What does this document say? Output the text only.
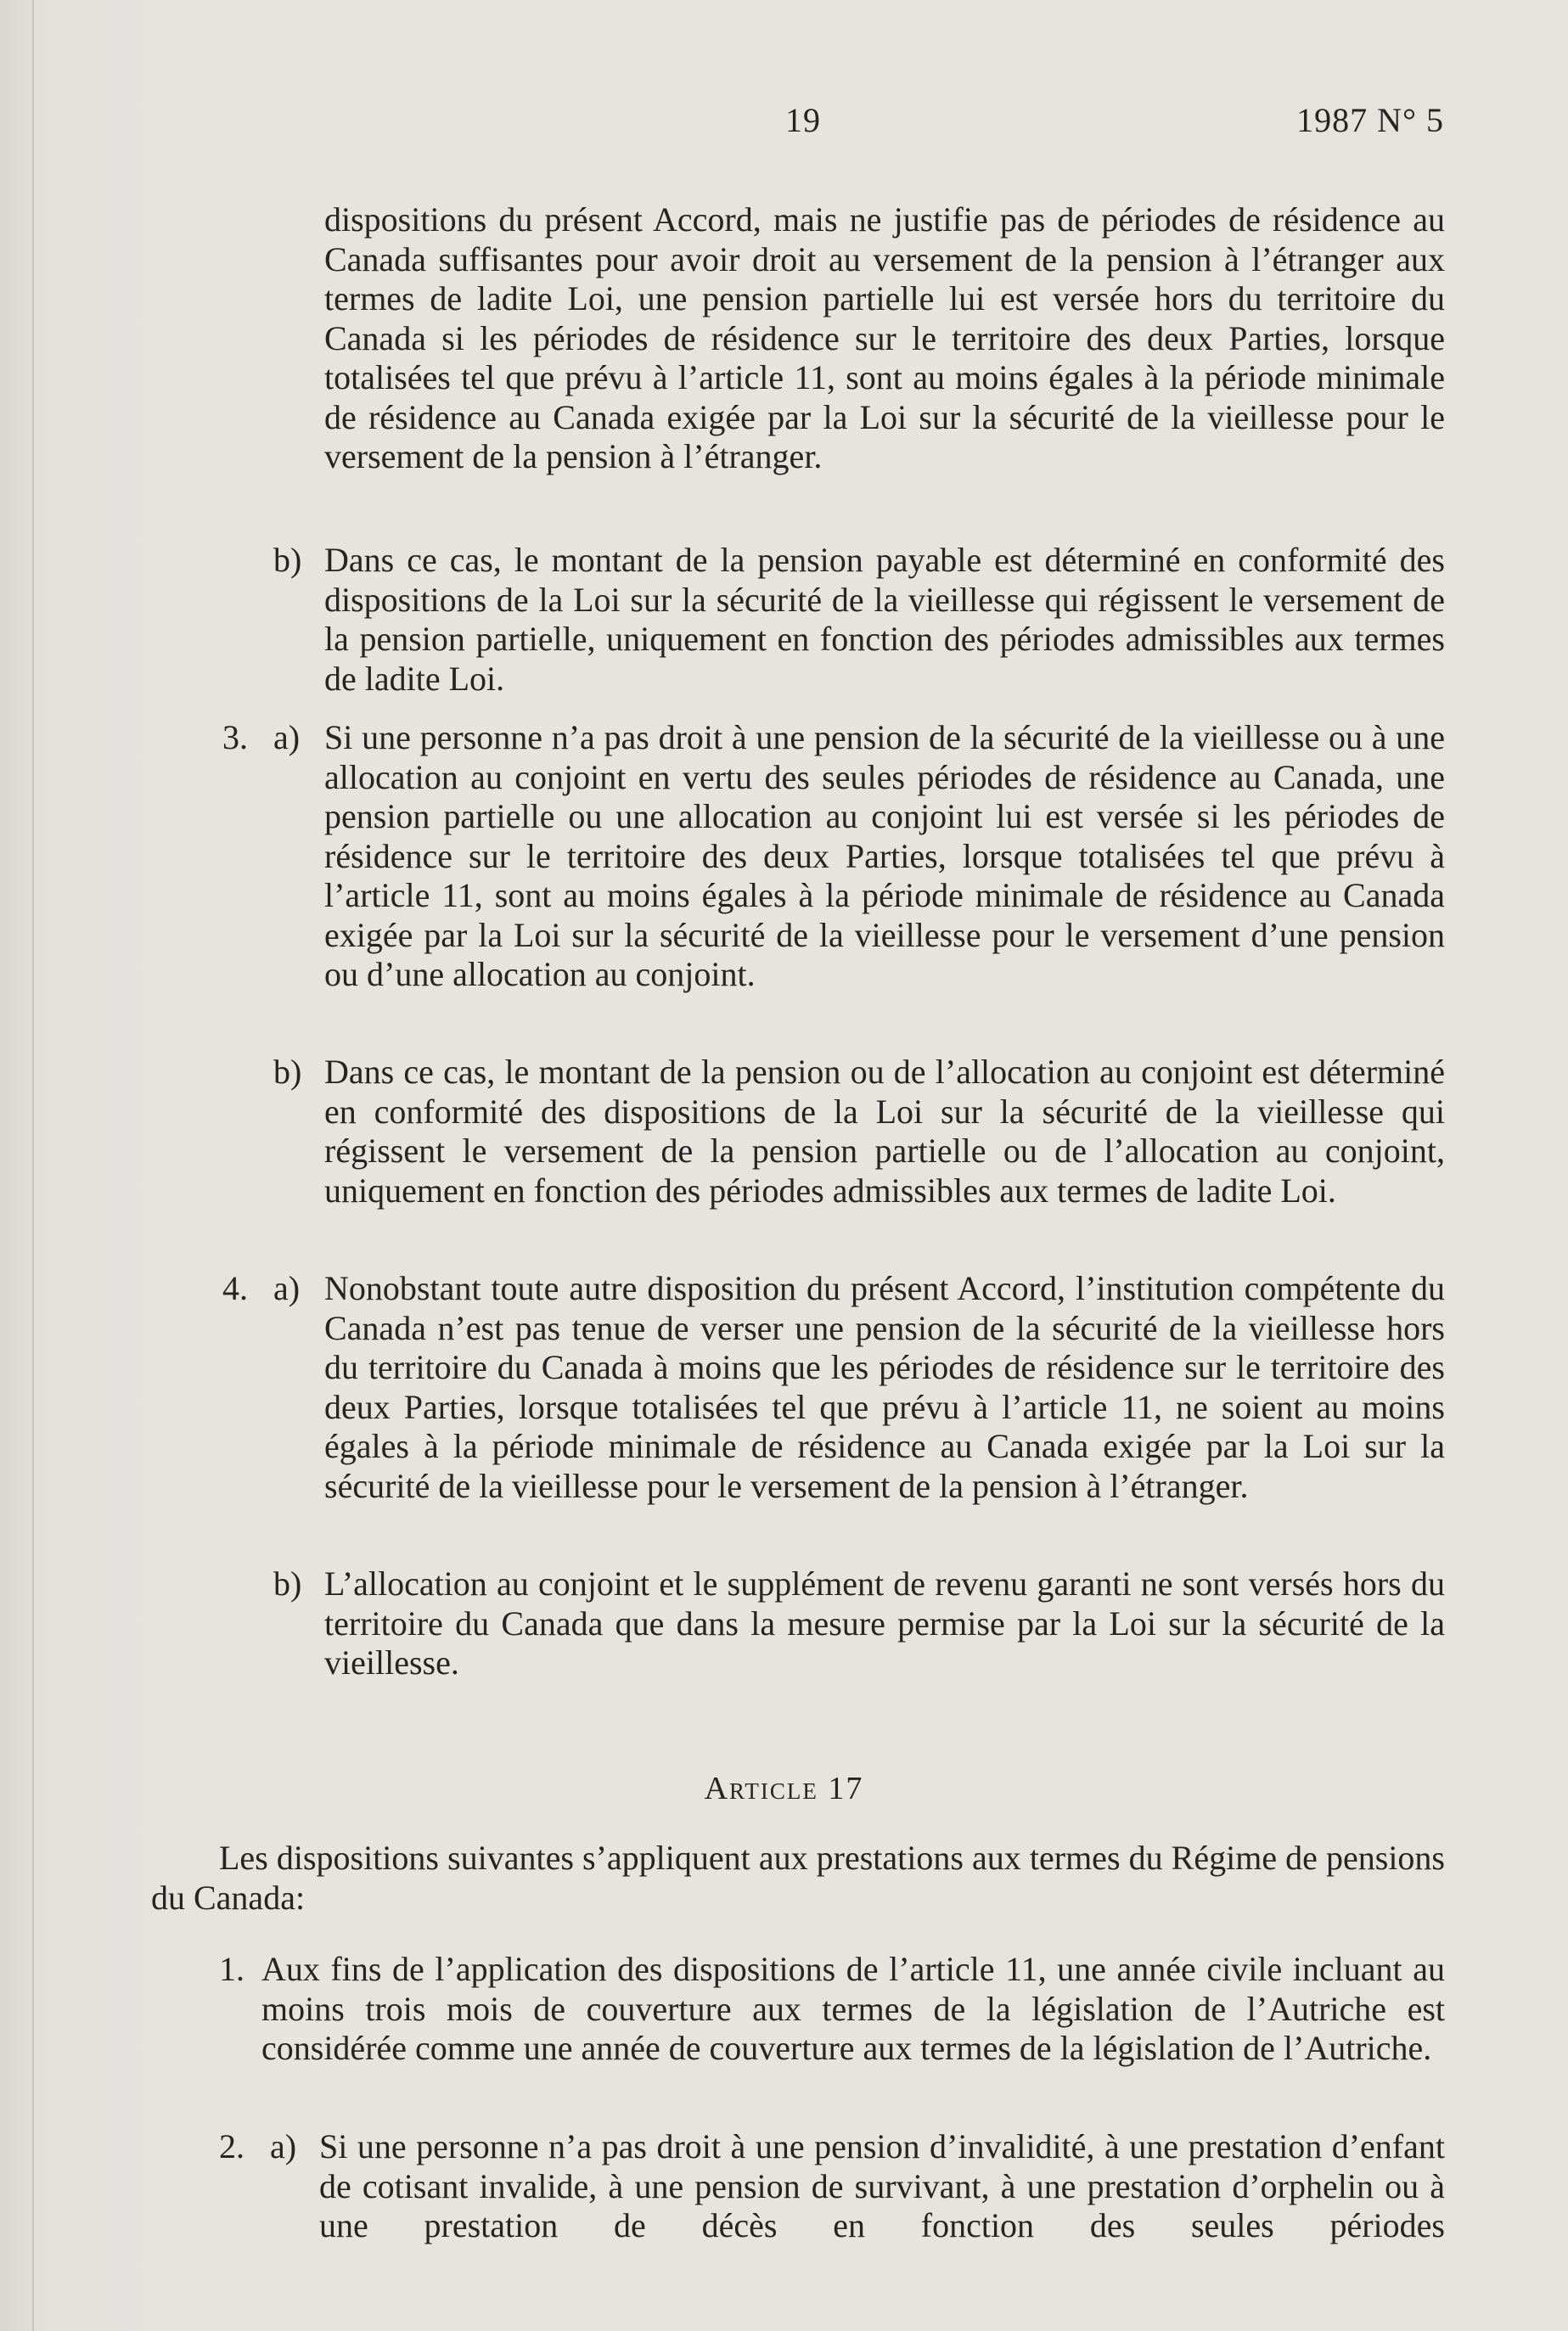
19	1987 N° 5
dispositions du présent Accord, mais ne justifie pas de périodes de résidence au Canada suffisantes pour avoir droit au versement de la pension à l’étranger aux termes de ladite Loi, une pension partielle lui est versée hors du territoire du Canada si les périodes de résidence sur le territoire des deux Parties, lorsque totalisées tel que prévu à l’article 11, sont au moins égales à la période minimale de résidence au Canada exigée par la Loi sur la sécurité de la vieillesse pour le versement de la pension à l’étranger.
b) Dans ce cas, le montant de la pension payable est déterminé en conformité des dispositions de la Loi sur la sécurité de la vieillesse qui régissent le versement de la pension partielle, uniquement en fonction des périodes admissibles aux termes de ladite Loi.
3. a) Si une personne n’a pas droit à une pension de la sécurité de la vieillesse ou à une allocation au conjoint en vertu des seules périodes de résidence au Canada, une pension partielle ou une allocation au conjoint lui est versée si les périodes de résidence sur le territoire des deux Parties, lorsque totalisées tel que prévu à l’article 11, sont au moins égales à la période minimale de résidence au Canada exigée par la Loi sur la sécurité de la vieillesse pour le versement d’une pension ou d’une allocation au conjoint.
b) Dans ce cas, le montant de la pension ou de l’allocation au conjoint est déterminé en conformité des dispositions de la Loi sur la sécurité de la vieillesse qui régissent le versement de la pension partielle ou de l’allocation au conjoint, uniquement en fonction des périodes admissibles aux termes de ladite Loi.
4. a) Nonobstant toute autre disposition du présent Accord, l’institution compétente du Canada n’est pas tenue de verser une pension de la sécurité de la vieillesse hors du territoire du Canada à moins que les périodes de résidence sur le territoire des deux Parties, lorsque totalisées tel que prévu à l’article 11, ne soient au moins égales à la période minimale de résidence au Canada exigée par la Loi sur la sécurité de la vieillesse pour le versement de la pension à l’étranger.
b) L’allocation au conjoint et le supplément de revenu garanti ne sont versés hors du territoire du Canada que dans la mesure permise par la Loi sur la sécurité de la vieillesse.
Article 17
Les dispositions suivantes s’appliquent aux prestations aux termes du Régime de pensions du Canada:
1. Aux fins de l’application des dispositions de l’article 11, une année civile incluant au moins trois mois de couverture aux termes de la législation de l’Autriche est considérée comme une année de couverture aux termes de la législation de l’Autriche.
2. a) Si une personne n’a pas droit à une pension d’invalidité, à une prestation d’enfant de cotisant invalide, à une pension de survivant, à une prestation d’orphelin ou à une prestation de décès en fonction des seules périodes
